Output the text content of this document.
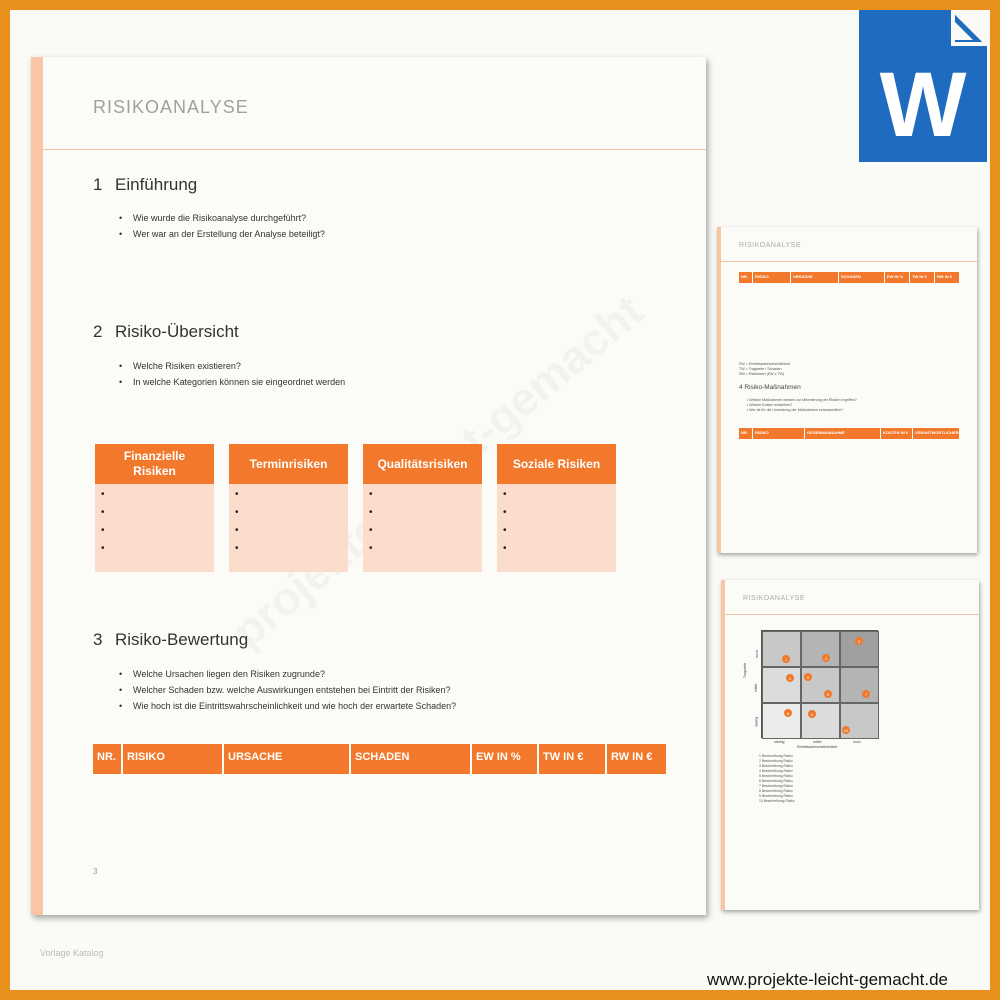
RISIKOANALYSE
1 Einführung
• Wie wurde die Risikoanalyse durchgeführt?
• Wer war an der Erstellung der Analyse beteiligt?
2 Risiko-Übersicht
• Welche Risiken existieren?
• In welche Kategorien können sie eingeordnet werden
Finanzielle Risiken
•
•
•
•
Terminrisiken
•
•
•
•
Qualitätsrisiken
•
•
•
•
Soziale Risiken
•
•
•
•
3 Risiko-Bewertung
• Welche Ursachen liegen den Risiken zugrunde?
• Welcher Schaden bzw. welche Auswirkungen entstehen bei Eintritt der Risiken?
• Wie hoch ist die Eintrittswahrscheinlichkeit und wie hoch der erwartete Schaden?
NR.	RISIKO	URSACHE	SCHADEN	EW IN %	TW IN €	RW IN €
3
Vorlage Katalog
RISIKOANALYSE
NR.	RISIKO	URSACHE	SCHADEN	EW IN %	TW IN €	RW IN €
EW = Eintrittswahrscheinlichkeit
TW = Tragweite / Schaden
RW = Risikowert (EW x TW)
4 Risiko-Maßnahmen
• Welche Maßnahmen werden zur Minimierung der Risiken ergriffen?
• Welche Kosten entstehen?
• Wer ist für die Umsetzung der Maßnahmen verantwortlich?
NR.	RISIKO	GEGENMAßNAHME	KOSTEN IN €	VERANTWORTLICHER
RISIKOANALYSE
1	2
3
4	5
6	7
8	9
10
Tragweite
hoch
mittel
niedrig
niedrig	mittel	hoch
Eintrittswahrscheinlichkeit
1 Beschreibung Risiko
2 Beschreibung Risiko
3 Beschreibung Risiko
4 Beschreibung Risiko
5 Beschreibung Risiko
6 Beschreibung Risiko
7 Beschreibung Risiko
8 Beschreibung Risiko
9 Beschreibung Risiko
10 Beschreibung Risiko
W
www.projekte-leicht-gemacht.de
